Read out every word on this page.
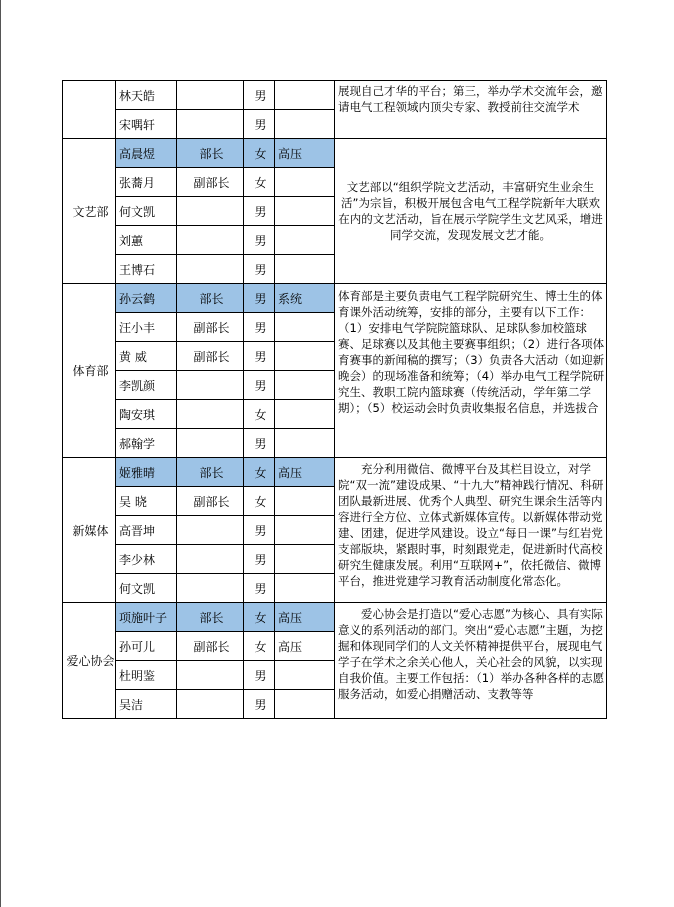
	林天皓		男		展现自己才华的平台；第三，举办学术交流年会，邀请电气工程领域内顶尖专家、教授前往交流学术

	宋喁轩		男		
文艺部	高晨煜	部长	女	高压	文艺部以“组织学院文艺活动，丰富研究生业余生活”为宗旨，积极开展包含电气工程学院新年大联欢在内的文艺活动，旨在展示学院学生文艺风采，增进同学交流，发现发展文艺才能。

	张蕎月	副部长	女		
	何文凯		男		
	刘蕙		男		
	王博石		男		
体育部	孙云鹤	部长	男	系统	体育部是主要负责电气工程学院研究生、博士生的体育课外活动统筹，安排的部分，主要有以下工作：（1）安排电气学院院篮球队、足球队参加校篮球赛、足球赛以及其他主要赛事组织；（2）进行各项体育赛事的新闻稿的撰写；（3）负责各大活动（如迎新晚会）的现场准备和统筹；（4）举办电气工程学院研究生、教职工院内篮球赛（传统活动，学年第二学期）；（5）校运动会时负责收集报名信息，并选拔合

	汪小丰	副部长	男		
	黄 威	副部长	男		
	李凯颜		男		
	陶安琪		女		
	郝翰学		男		
新媒体	姬雅晴	部长	女	高压	充分利用微信、微博平台及其栏目设立，对学院“双一流”建设成果、“十九大”精神践行情况、科研团队最新进展、优秀个人典型、研究生课余生活等内容进行全方位、立体式新媒体宣传。以新媒体带动党建、团建，促进学风建设。设立“每日一课”与红岩党支部版块，紧跟时事，时刻跟党走，促进新时代高校研究生健康发展。利用“互联网+”，依托微信、微博平台，推进党建学习教育活动制度化常态化。

	吴 晓	副部长	女		
	高晋坤		男		
	李少林		男		
	何文凯		男		
爱心协会	项施叶子	部长	女	高压	爱心协会是打造以“爱心志愿”为核心、具有实际意义的系列活动的部门。突出“爱心志愿”主题，为挖掘和体现同学们的人文关怀精神提供平台，展现电气学子在学术之余关心他人，关心社会的风貌，以实现自我价值。主要工作包括：（1）举办各种各样的志愿服务活动，如爱心捐赠活动、支教等等

	孙可儿	副部长	女	高压	
	杜明鉴		男		
	吴洁		男		
